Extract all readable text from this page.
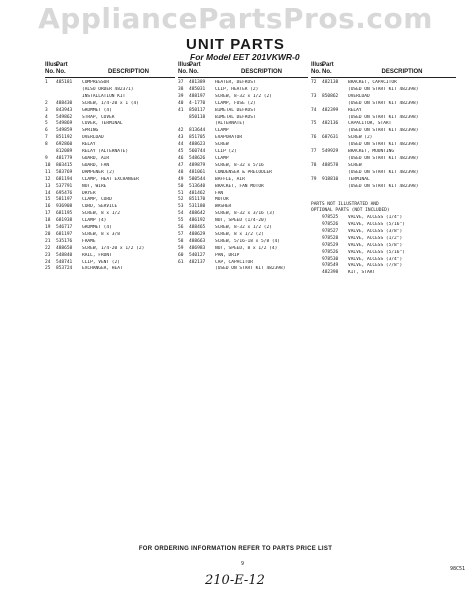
AppliancePartsPros.com
UNIT PARTS
For Model EET 201VKWR-0
Illus.
Part
No. No.	DESCRIPTION
1	485181	COMPRESSOR
(ALSO ORDER 482371)
INSTALLATION KIT
2	488430	SCREW, 1/4-20 x 1 (4)
3	843943	GROMMET (4)
4	549862	STRAP, COVER
5	549869	COVER, TERMINAL
6	549859	SPRING
7	851192	OVERLOAD
8	692860	RELAY
812089	RELAY (ALTERNATE)
9	481779	GUARD, AIR
10	803415	GUARD, FAN
11	583769	DAMPENER (2)
12	681194	CLAMP, HEAT EXCHANGER
13	537791	NUT, WIRE
14	695476	DRYER
15	581197	CLAMP, CORD
16	936908	CORD, SERVICE
17	681195	SCREW, 8 x 1/2
18	681938	CLAMP (4)
19	546717	GROMMET (4)
20	681197	SCREW, 8 x 3/8
21	535176	FRAME
22	488658	SCREW, 1/4-20 x 1/2 (2)
23	548840	RAIL, FRONT
24	548741	CLIP, VENT (2)
25	853724	EXCHANGER, HEAT
Illus.
Part
No. No.	DESCRIPTION
37	481389	HEATER, DEFROST
38	485031	CLIP, HEATER (2)
39	488197	SCREW, 8-32 x 1/2 (2)
40	4-1770	CLAMP, FUSE (2)
41	850117	BIMETAL DEFROST
850118	BIMETAL DEFROST
(ALTERNATE)
42	813644	CLAMP
43	851705	EVAPORATOR
44	488623	SCREW
45	560744	CLIP (2)
46	548626	CLAMP
47	489879	SCREW, 8-32 x 5/16
48	481061	CONDENSER & PRECOOLER
49	580544	BAFFLE, AIR
50	513640	BRACKET, FAN MOTOR
51	481462	FAN
52	851170	MOTOR
53	531180	WASHER
54	488642	SCREW, 8-32 x 3/16 (3)
55	486192	NUT, SPEED (1/4-20)
56	488465	SCREW, 8-32 x 1/2 (2)
57	488629	SCREW, 8 x 1/2 (2)
58	488663	SCREW, 5/16-18 x 5/8 (4)
59	486983	NUT, SPEED, 8 x 1/2 (4)
60	540127	PAN, DRIP
61	482137	CAP, CAPACITOR
(USED ON START KIT 482398)
Illus.
Part
No. No.	DESCRIPTION
72	482138	BRACKET, CAPACITOR
(USED ON START KIT 482398)
73	850862	OVERLOAD
(USED ON START KIT 482398)
74	482399	RELAY
(USED ON START KIT 482398)
75	482136	CAPACITOR, START
(USED ON START KIT 482398)
76	687631	SCREW (2)
(USED ON START KIT 482398)
77	549929	BRACKET, MOUNTING
(USED ON START KIT 482398)
78	488578	SCREW
(USED ON START KIT 482398)
79	918810	TERMINAL
(USED ON START KIT 482398)
PARTS NOT ILLUSTRATED AND
OPTIONAL PARTS (NOT INCLUDED)
978525	VALVE, ACCESS (1/4")
978526	VALVE, ACCESS (5/16")
978527	VALVE, ACCESS (3/8")
978528	VALVE, ACCESS (1/2")
978529	VALVE, ACCESS (5/8")
978526	VALVE, ACCESS (5/16")
978530	VALVE, ACCESS (3/4")
978549	VALVE, ACCESS (7/8")
482398	KIT, START
FOR ORDERING INFORMATION REFER TO PARTS PRICE LIST
9
98C51
210-E-12
